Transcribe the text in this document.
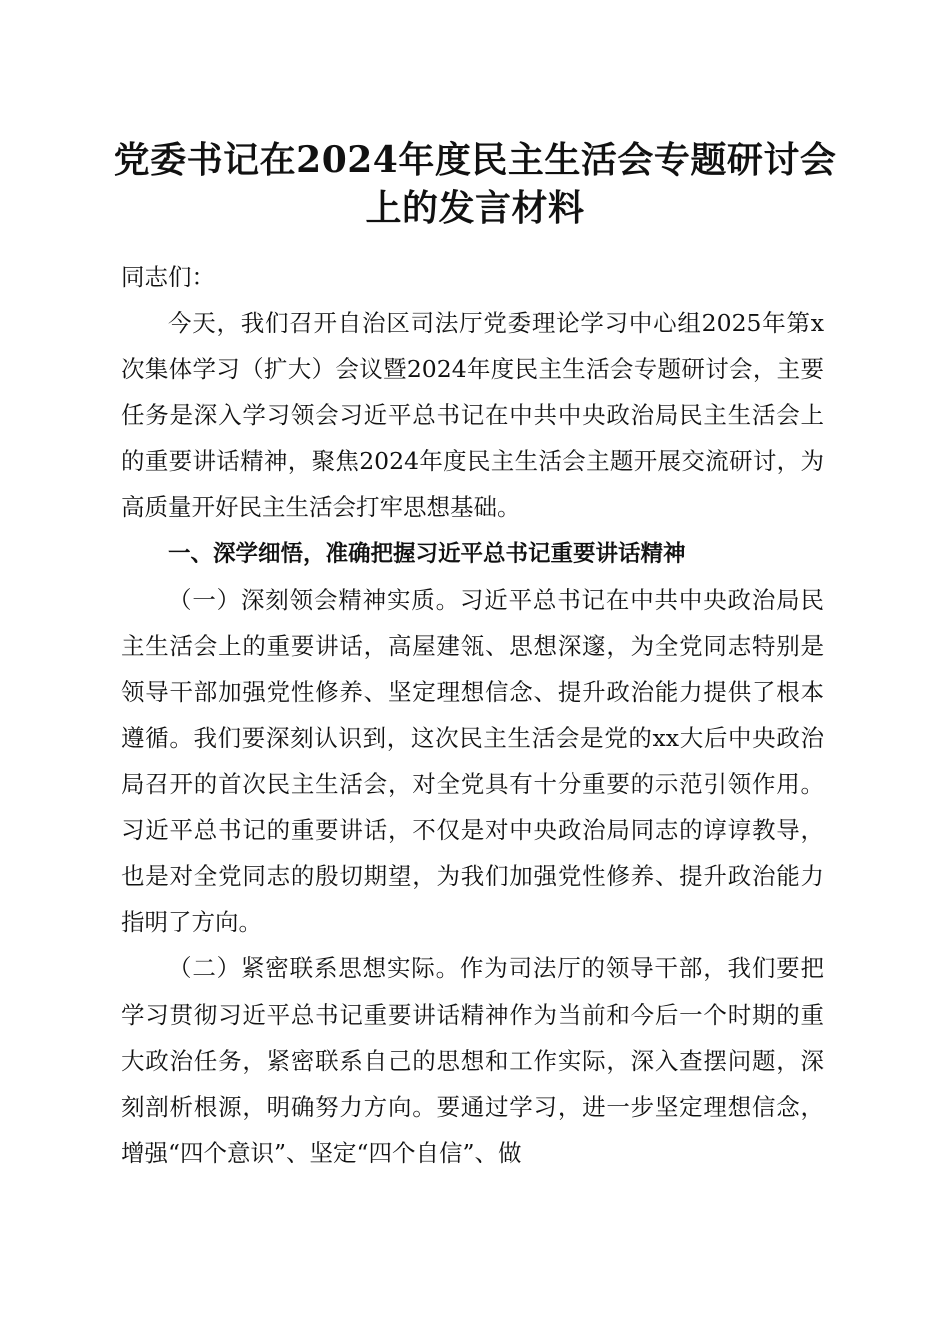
党委书记在2024年度民主生活会专题研讨会
上的发言材料

同志们：

今天，我们召开自治区司法厅党委理论学习中心组2025年第x次集体学习（扩大）会议暨2024年度民主生活会专题研讨会，主要任务是深入学习领会习近平总书记在中共中央政治局民主生活会上的重要讲话精神，聚焦2024年度民主生活会主题开展交流研讨，为高质量开好民主生活会打牢思想基础。

一、深学细悟，准确把握习近平总书记重要讲话精神

（一）深刻领会精神实质。习近平总书记在中共中央政治局民主生活会上的重要讲话，高屋建瓴、思想深邃，为全党同志特别是领导干部加强党性修养、坚定理想信念、提升政治能力提供了根本遵循。我们要深刻认识到，这次民主生活会是党的xx大后中央政治局召开的首次民主生活会，对全党具有十分重要的示范引领作用。习近平总书记的重要讲话，不仅是对中央政治局同志的谆谆教导，也是对全党同志的殷切期望，为我们加强党性修养、提升政治能力指明了方向。

（二）紧密联系思想实际。作为司法厅的领导干部，我们要把学习贯彻习近平总书记重要讲话精神作为当前和今后一个时期的重大政治任务，紧密联系自己的思想和工作实际，深入查摆问题，深刻剖析根源，明确努力方向。要通过学习，进一步坚定理想信念，增强“四个意识”、坚定“四个自信”、做
